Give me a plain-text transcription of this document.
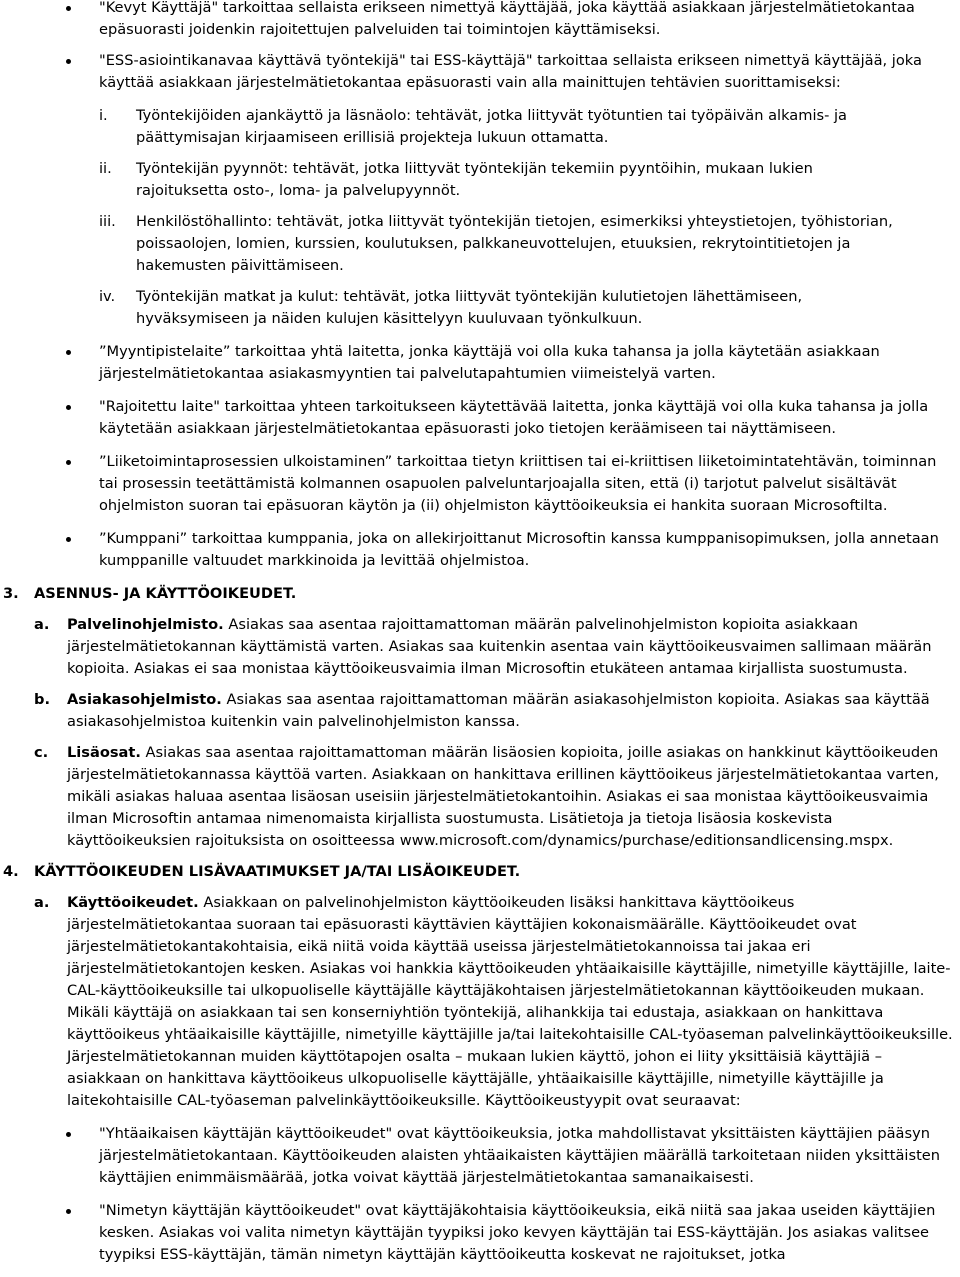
"Kevyt Käyttäjä" tarkoittaa sellaista erikseen nimettyä käyttäjää, joka käyttää asiakkaan järjestelmätietokantaa epäsuorasti joidenkin rajoitettujen palveluiden tai toimintojen käyttämiseksi.
"ESS-asiointikanavaa käyttävä työntekijä" tai ESS-käyttäjä" tarkoittaa sellaista erikseen nimettyä käyttäjää, joka käyttää asiakkaan järjestelmätietokantaa epäsuorasti vain alla mainittujen tehtävien suorittamiseksi:
i. Työntekijöiden ajankäyttö ja läsnäolo: tehtävät, jotka liittyvät työtuntien tai työpäivän alkamis- ja päättymisajan kirjaamiseen erillisiä projekteja lukuun ottamatta.
ii. Työntekijän pyynnöt: tehtävät, jotka liittyvät työntekijän tekemiin pyyntöihin, mukaan lukien rajoituksetta osto-, loma- ja palvelupyynnöt.
iii. Henkilöstöhallinto: tehtävät, jotka liittyvät työntekijän tietojen, esimerkiksi yhteystietojen, työhistorian, poissaolojen, lomien, kurssien, koulutuksen, palkkaneuvottelujen, etuuksien, rekrytointitietojen ja hakemusten päivittämiseen.
iv. Työntekijän matkat ja kulut: tehtävät, jotka liittyvät työntekijän kulutietojen lähettämiseen, hyväksymiseen ja näiden kulujen käsittelyyn kuuluvaan työnkulkuun.
”Myyntipistelaite” tarkoittaa yhtä laitetta, jonka käyttäjä voi olla kuka tahansa ja jolla käytetään asiakkaan järjestelmätietokantaa asiakasmyyntien tai palvelutapahtumien viimeistelyä varten.
"Rajoitettu laite" tarkoittaa yhteen tarkoitukseen käytettävää laitetta, jonka käyttäjä voi olla kuka tahansa ja jolla käytetään asiakkaan järjestelmätietokantaa epäsuorasti joko tietojen keräämiseen tai näyttämiseen.
”Liiketoimintaprosessien ulkoistaminen” tarkoittaa tietyn kriittisen tai ei-kriittisen liiketoimintatehtävän, toiminnan tai prosessin teetättämistä kolmannen osapuolen palveluntarjoajalla siten, että (i) tarjotut palvelut sisältävät ohjelmiston suoran tai epäsuoran käytön ja (ii) ohjelmiston käyttöoikeuksia ei hankita suoraan Microsoftilta.
”Kumppani” tarkoittaa kumppania, joka on allekirjoittanut Microsoftin kanssa kumppanisopimuksen, jolla annetaan kumppanille valtuudet markkinoida ja levittää ohjelmistoa.
3. ASENNUS- JA KÄYTTÖOIKEUDET.
a. Palvelinohjelmisto. Asiakas saa asentaa rajoittamattoman määrän palvelinohjelmiston kopioita asiakkaan järjestelmätietokannan käyttämistä varten. Asiakas saa kuitenkin asentaa vain käyttöoikeusvaimen sallimaan määrän kopioita. Asiakas ei saa monistaa käyttöoikeusvaimia ilman Microsoftin etukäteen antamaa kirjallista suostumusta.
b. Asiakasohjelmisto. Asiakas saa asentaa rajoittamattoman määrän asiakasohjelmiston kopioita. Asiakas saa käyttää asiakasohjelmistoa kuitenkin vain palvelinohjelmiston kanssa.
c. Lisäosat. Asiakas saa asentaa rajoittamattoman määrän lisäosien kopioita, joille asiakas on hankkinut käyttöoikeuden järjestelmätietokannassa käyttöä varten. Asiakkaan on hankittava erillinen käyttöoikeus järjestelmätietokantaa varten, mikäli asiakas haluaa asentaa lisäosan useisiin järjestelmätietokantoihin. Asiakas ei saa monistaa käyttöoikeusvaimia ilman Microsoftin antamaa nimenomaista kirjallista suostumusta. Lisätietoja ja tietoja lisäosia koskevista käyttöoikeuksien rajoituksista on osoitteessa www.microsoft.com/dynamics/purchase/editionsandlicensing.mspx.
4. KÄYTTÖOIKEUDEN LISÄVAATIMUKSET JA/TAI LISÄOIKEUDET.
a. Käyttöoikeudet. Asiakkaan on palvelinohjelmiston käyttöoikeuden lisäksi hankittava käyttöoikeus järjestelmätietokantaa suoraan tai epäsuorasti käyttävien käyttäjien kokonaismäärälle. Käyttöoikeudet ovat järjestelmätietokantakohtaisia, eikä niitä voida käyttää useissa järjestelmätietokannoissa tai jakaa eri järjestelmätietokantojen kesken. Asiakas voi hankkia käyttöoikeuden yhtäaikaisille käyttäjille, nimetyille käyttäjille, laite-CAL-käyttöoikeuksille tai ulkopuoliselle käyttäjälle käyttäjäkohtaisen järjestelmätietokannan käyttöoikeuden mukaan. Mikäli käyttäjä on asiakkaan tai sen konserniyhtiön työntekijä, alihankkija tai edustaja, asiakkaan on hankittava käyttöoikeus yhtäaikaisille käyttäjille, nimetyille käyttäjille ja/tai laitekohtaisille CAL-työaseman palvelinkäyttöoikeuksille. Järjestelmätietokannan muiden käyttötapojen osalta – mukaan lukien käyttö, johon ei liity yksittäisiä käyttäjiä – asiakkaan on hankittava käyttöoikeus ulkopuoliselle käyttäjälle, yhtäaikaisille käyttäjille, nimetyille käyttäjille ja laitekohtaisille CAL-työaseman palvelinkäyttöoikeuksille. Käyttöoikeustyypit ovat seuraavat:
"Yhtäaikaisen käyttäjän käyttöoikeudet" ovat käyttöoikeuksia, jotka mahdollistavat yksittäisten käyttäjien pääsyn järjestelmätietokantaan. Käyttöoikeuden alaisten yhtäaikaisten käyttäjien määrällä tarkoitetaan niiden yksittäisten käyttäjien enimmäismäärää, jotka voivat käyttää järjestelmätietokantaa samanaikaisesti.
"Nimetyn käyttäjän käyttöoikeudet" ovat käyttäjäkohtaisia käyttöoikeuksia, eikä niitä saa jakaa useiden käyttäjien kesken. Asiakas voi valita nimetyn käyttäjän tyypiksi joko kevyen käyttäjän tai ESS-käyttäjän. Jos asiakas valitsee tyypiksi ESS-käyttäjän, tämän nimetyn käyttäjän käyttöoikeutta koskevat ne rajoitukset, jotka
